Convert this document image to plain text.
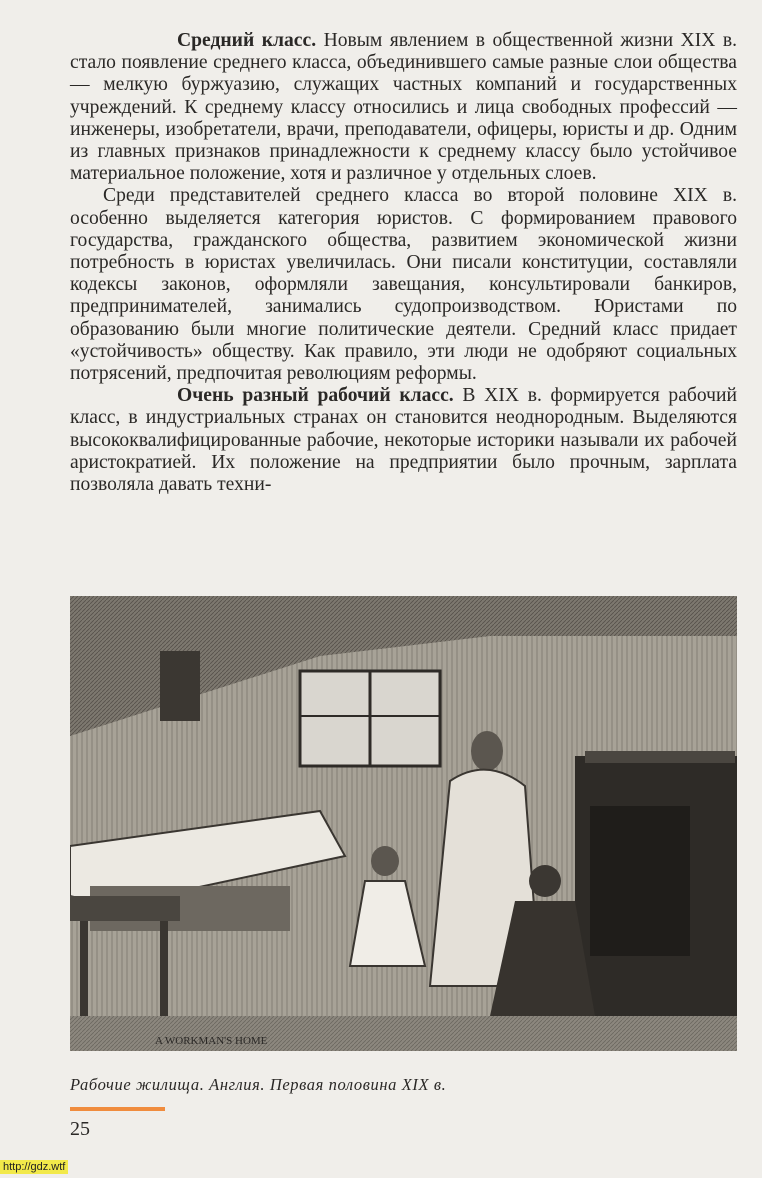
Средний класс. Новым явлением в общественной жизни XIX в. стало появление среднего класса, объединившего самые разные слои общества — мелкую буржуазию, служащих частных компаний и государственных учреждений. К среднему классу относились и лица свободных профессий — инженеры, изобретатели, врачи, преподаватели, офицеры, юристы и др. Одним из главных признаков принадлежности к среднему классу было устойчивое материальное положение, хотя и различное у отдельных слоев.

Среди представителей среднего класса во второй половине XIX в. особенно выделяется категория юристов. С формированием правового государства, гражданского общества, развитием экономической жизни потребность в юристах увеличилась. Они писали конституции, составляли кодексы законов, оформляли завещания, консультировали банкиров, предпринимателей, занимались судопроизводством. Юристами по образованию были многие политические деятели. Средний класс придает «устойчивость» обществу. Как правило, эти люди не одобряют социальных потрясений, предпочитая революциям реформы.

Очень разный рабочий класс. В XIX в. формируется рабочий класс, в индустриальных странах он становится неоднородным. Выделяются высококвалифицированные рабочие, некоторые историки называли их рабочей аристократией. Их положение на предприятии было прочным, зарплата позволяла давать техни-

A WORKMAN'S HOME
Рабочие жилища. Англия. Первая половина XIX в.
25
http://gdz.wtf
